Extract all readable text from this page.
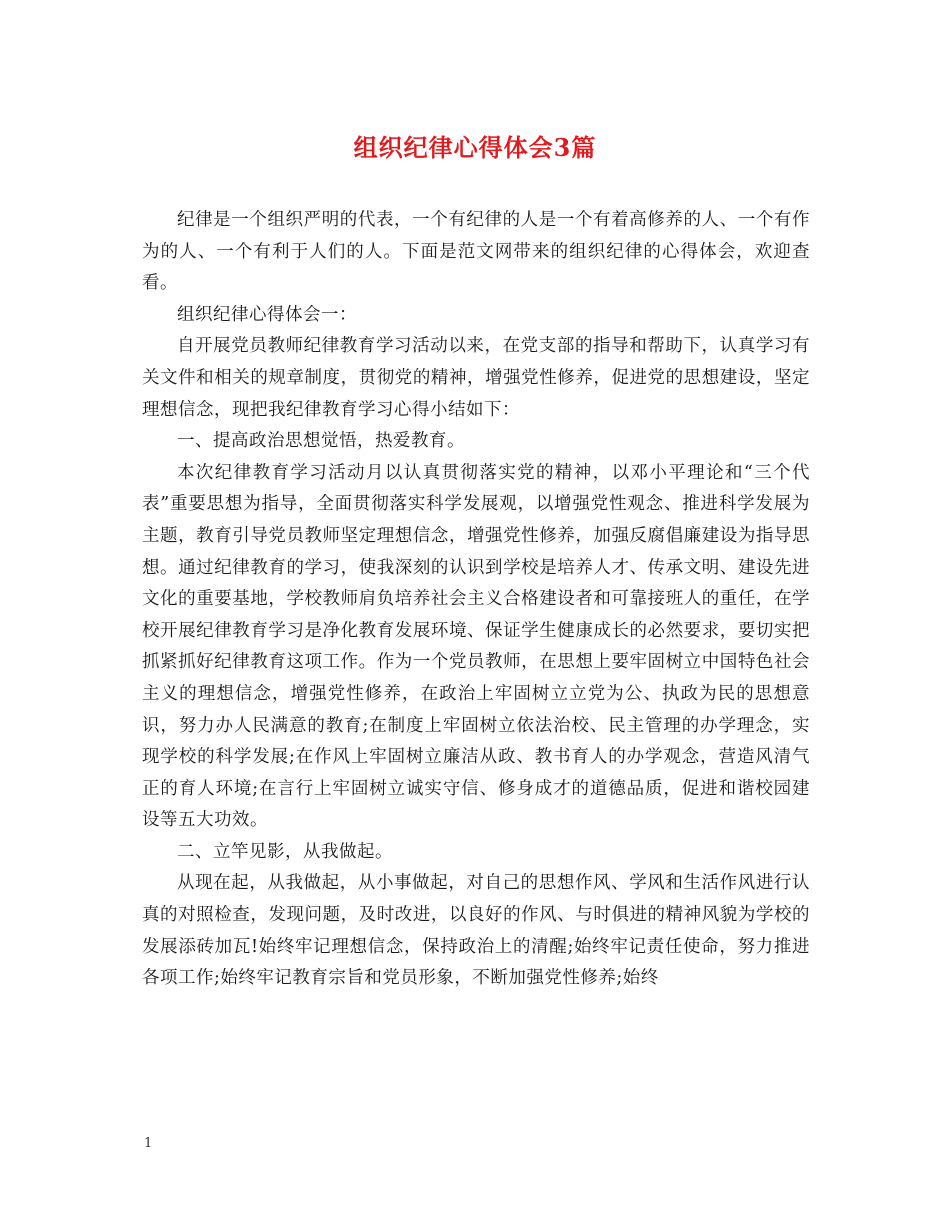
组织纪律心得体会3篇

纪律是一个组织严明的代表，一个有纪律的人是一个有着高修养的人、一个有作为的人、一个有利于人们的人。下面是范文网带来的组织纪律的心得体会，欢迎查看。

组织纪律心得体会一：

自开展党员教师纪律教育学习活动以来，在党支部的指导和帮助下，认真学习有关文件和相关的规章制度，贯彻党的精神，增强党性修养，促进党的思想建设，坚定理想信念，现把我纪律教育学习心得小结如下：

一、提高政治思想觉悟，热爱教育。

本次纪律教育学习活动月以认真贯彻落实党的精神，以邓小平理论和“三个代表”重要思想为指导，全面贯彻落实科学发展观，以增强党性观念、推进科学发展为主题，教育引导党员教师坚定理想信念，增强党性修养，加强反腐倡廉建设为指导思想。通过纪律教育的学习，使我深刻的认识到学校是培养人才、传承文明、建设先进文化的重要基地，学校教师肩负培养社会主义合格建设者和可靠接班人的重任，在学校开展纪律教育学习是净化教育发展环境、保证学生健康成长的必然要求，要切实把抓紧抓好纪律教育这项工作。作为一个党员教师，在思想上要牢固树立中国特色社会主义的理想信念，增强党性修养，在政治上牢固树立立党为公、执政为民的思想意识，努力办人民满意的教育;在制度上牢固树立依法治校、民主管理的办学理念，实现学校的科学发展;在作风上牢固树立廉洁从政、教书育人的办学观念，营造风清气正的育人环境;在言行上牢固树立诚实守信、修身成才的道德品质，促进和谐校园建设等五大功效。

二、立竿见影，从我做起。

从现在起，从我做起，从小事做起，对自己的思想作风、学风和生活作风进行认真的对照检查，发现问题，及时改进，以良好的作风、与时俱进的精神风貌为学校的发展添砖加瓦!始终牢记理想信念，保持政治上的清醒;始终牢记责任使命，努力推进各项工作;始终牢记教育宗旨和党员形象，不断加强党性修养;始终

1
